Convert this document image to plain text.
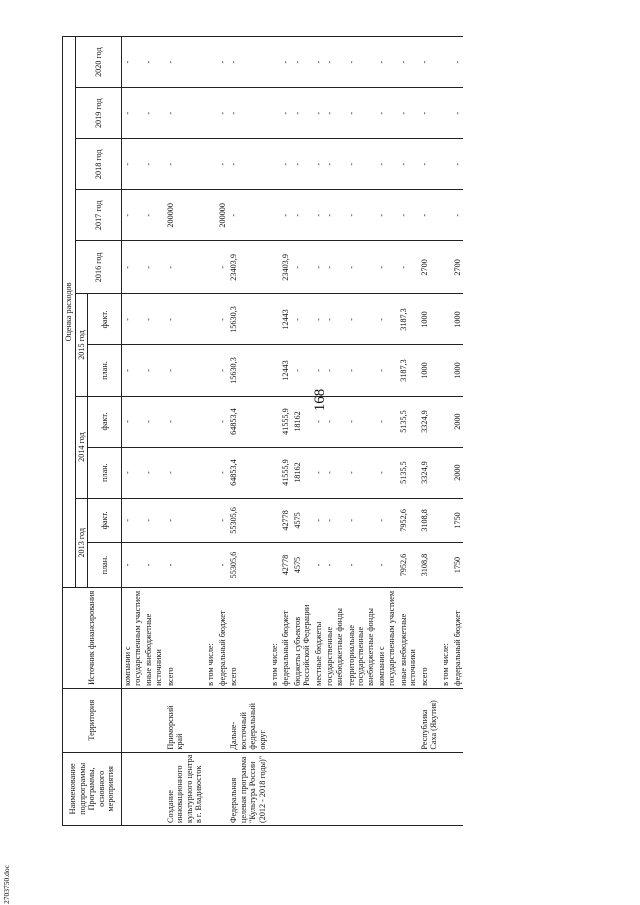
168
2703750.doc
Наименование подпрограммы Программы, основного мероприятия	Территория	Источник финансирования	Оценка расходов										
			2013 год		2014 год		2015 год		2016 год	2017 год	2018 год	2019 год	2020 год
			план.	факт.	план.	факт.	план.	факт.					
		компании с государственным участием	-	-	-	-	-	-	-	-	-	-	-
		иные внебюджетные источники	-	-	-	-	-	-	-	-	-	-	-
Создание инновационного культурного центра в г. Владивосток	Приморский край	всего	-	-	-	-	-	-	-	200000	-	-	-
		в том числе:											
		федеральный бюджет	-	-	-	-	-	-	-	200000	-	-	-
Федеральная целевая программа "Культура России (2012 - 2018 годы)"	Дальне-восточный федеральный округ	всего	55305,6	55305,6	64853,4	64853,4	15630,3	15630,3	23403,9	-	-	-	-
		в том числе:											
		федеральный бюджет	42778	42778	41555,9	41555,9	12443	12443	23403,9	-	-	-	-
		бюджеты субъектов Российской Федерации	4575	4575	18162	18162	-	-	-	-	-	-	-
		местные бюджеты	-	-	-	-	-	-	-	-	-	-	-
		государственные внебюджетные фонды	-	-	-	-	-	-	-	-	-	-	-
		территориальные государственные внебюджетные фонды	-	-	-	-	-	-	-	-	-	-	-
		компании с государственным участием	-	-	-	-	-	-	-	-	-	-	-
		иные внебюджетные источники	7952,6	7952,6	5135,5	5135,5	3187,3	3187,3	-	-	-	-	-
	Республика Саха (Якутия)	всего	3108,8	3108,8	3324,9	3324,9	1000	1000	2700	-	-	-	-
		в том числе:											
		федеральный бюджет	1750	1750	2000	2000	1000	1000	2700	-	-	-	-
